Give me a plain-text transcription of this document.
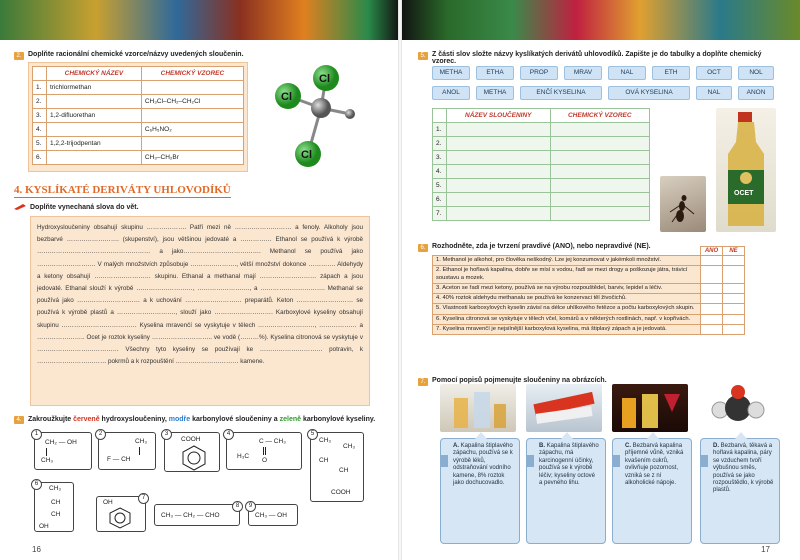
2. Doplňte racionální chemické vzorce/názvy uvedených sloučenin.
	CHEMICKÝ NÁZEV	CHEMICKÝ VZOREC
1.	trichlormethan	
2.		CH₃Cl–CH₂–CH₂Cl
3.	1,2-difluorethan	
4.		C₆H₅NO₂
5.	1,2,2-trijodpentan	
6.		CH₃–CH₂Br
Cl
Cl
Cl
4. KYSLÍKATÉ DERIVÁTY UHLOVODÍKŮ
Doplňte vynechaná slova do vět.
Hydroxysloučeniny obsahují skupinu ………………. Patří mezi ně ……………………… a fenoly. Alkoholy jsou bezbarvé ……………………. (skupenství), jsou většinou jedovaté a …………… Ethanol se používá k výrobě ……………………………………………… a jako………………………………. Methanol se používá jako ………………………. V malých množstvích způsobuje …………………., větší množství dokonce …………. Aldehydy a ketony obsahují ……………………… skupinu. Ethanal a methanal mají ……………………… zápach a jsou jedovaté. Ethanal slouží k výrobě ………………………, ……………………., a …………………………. Methanal se používá jako ………………………… a k uchování ……………………… preparátů. Keton ……………………… se používá k výrobě plastů a ………………………., slouží jako ………………………. Karboxylové kyseliny obsahují skupinu ……………………………… Kyselina mravenčí se vyskytuje v tělech ………………………, ……………… a ………………….. Ocet je roztok kyseliny ……………………….. ve vodě (………%). Kyselina citronová se vyskytuje v ………………………………… Všechny tyto kyseliny se používají ke ………………………… potravin, k …………………………… pokrmů a k rozpouštění ………………………… kamene.
4. Zakroužkujte červeně hydroxysloučeniny, modře karbonylové sloučeniny a zeleně karbonylové kyseliny.
1
CH₂ — OH
CH₃
2
CH₃
F — CH
3
COOH
4
C — CH₃
H₃C
O
5
CH₃
CH₃
CH
CH
COOH
6
CH₃
CH
CH
OH
7
OH	8
CH₃ — CH₂ — CHO
9
CH₃ — OH
16
5. Z části slov složte názvy kyslíkatých derivátů uhlovodíků. Zapište je do tabulky a doplňte chemický vzorec.
METHA	ETHA	PROP	MRAV	NAL	ETH	OCT	NOL
ANOL	METHA	ENČÍ KYSELINA	OVÁ KYSELINA	NAL	ANON
	NÁZEV SLOUČENINY	CHEMICKÝ VZOREC
1.		
2.		
3.		
4.		
5.		
6.		
7.		
OCET
6. Rozhodněte, zda je tvrzení pravdivé (ANO), nebo nepravdivé (NE).
	ANO	NE
1. Methanol je alkohol, pro člověka neškodný. Lze jej konzumovat v jakémkoli množství.		
2. Ethanol je hořlavá kapalina, dobře se mísí s vodou, řadí se mezi drogy a poškozuje játra, trávicí soustavu a mozek.		
3. Aceton se řadí mezi ketony, používá se na výrobu rozpouštědel, barviv, lepidel a léčiv.		
4. 40% roztok aldehydu methanalu se používá ke konzervaci těl živočichů.		
5. Vlastnosti karboxylových kyselin závisí na délce uhlíkového řetězce a počtu karboxylových skupin.		
6. Kyselina citronová se vyskytuje v tělech včel, komárů a v některých rostlinách, např. v kopřivách.		
7. Kyselina mravenčí je nejsilnější karboxylová kyselina, má štiplavý zápach a je jedovatá.		
7. Pomocí popisů pojmenujte sloučeniny na obrázcích.
A. Kapalina štiplavého zápachu, používá se k výrobě léků, odstraňování vodního kamene, 8% roztok jako dochucovadlo.
B. Kapalina štiplavého zápachu, má karcinogenní účinky, používá se k výrobě léčiv; kyseliny octové a pevného lihu.
C. Bezbarvá kapalina příjemné vůně, vzniká kvašením cukrů, ovlivňuje pozornost, vzniká se z ní alkoholické nápoje.
D. Bezbarvá, těkavá a hořlavá kapalina, páry se vzduchem tvoří výbušnou směs, používá se jako rozpouštědlo, k výrobě plastů.
17
